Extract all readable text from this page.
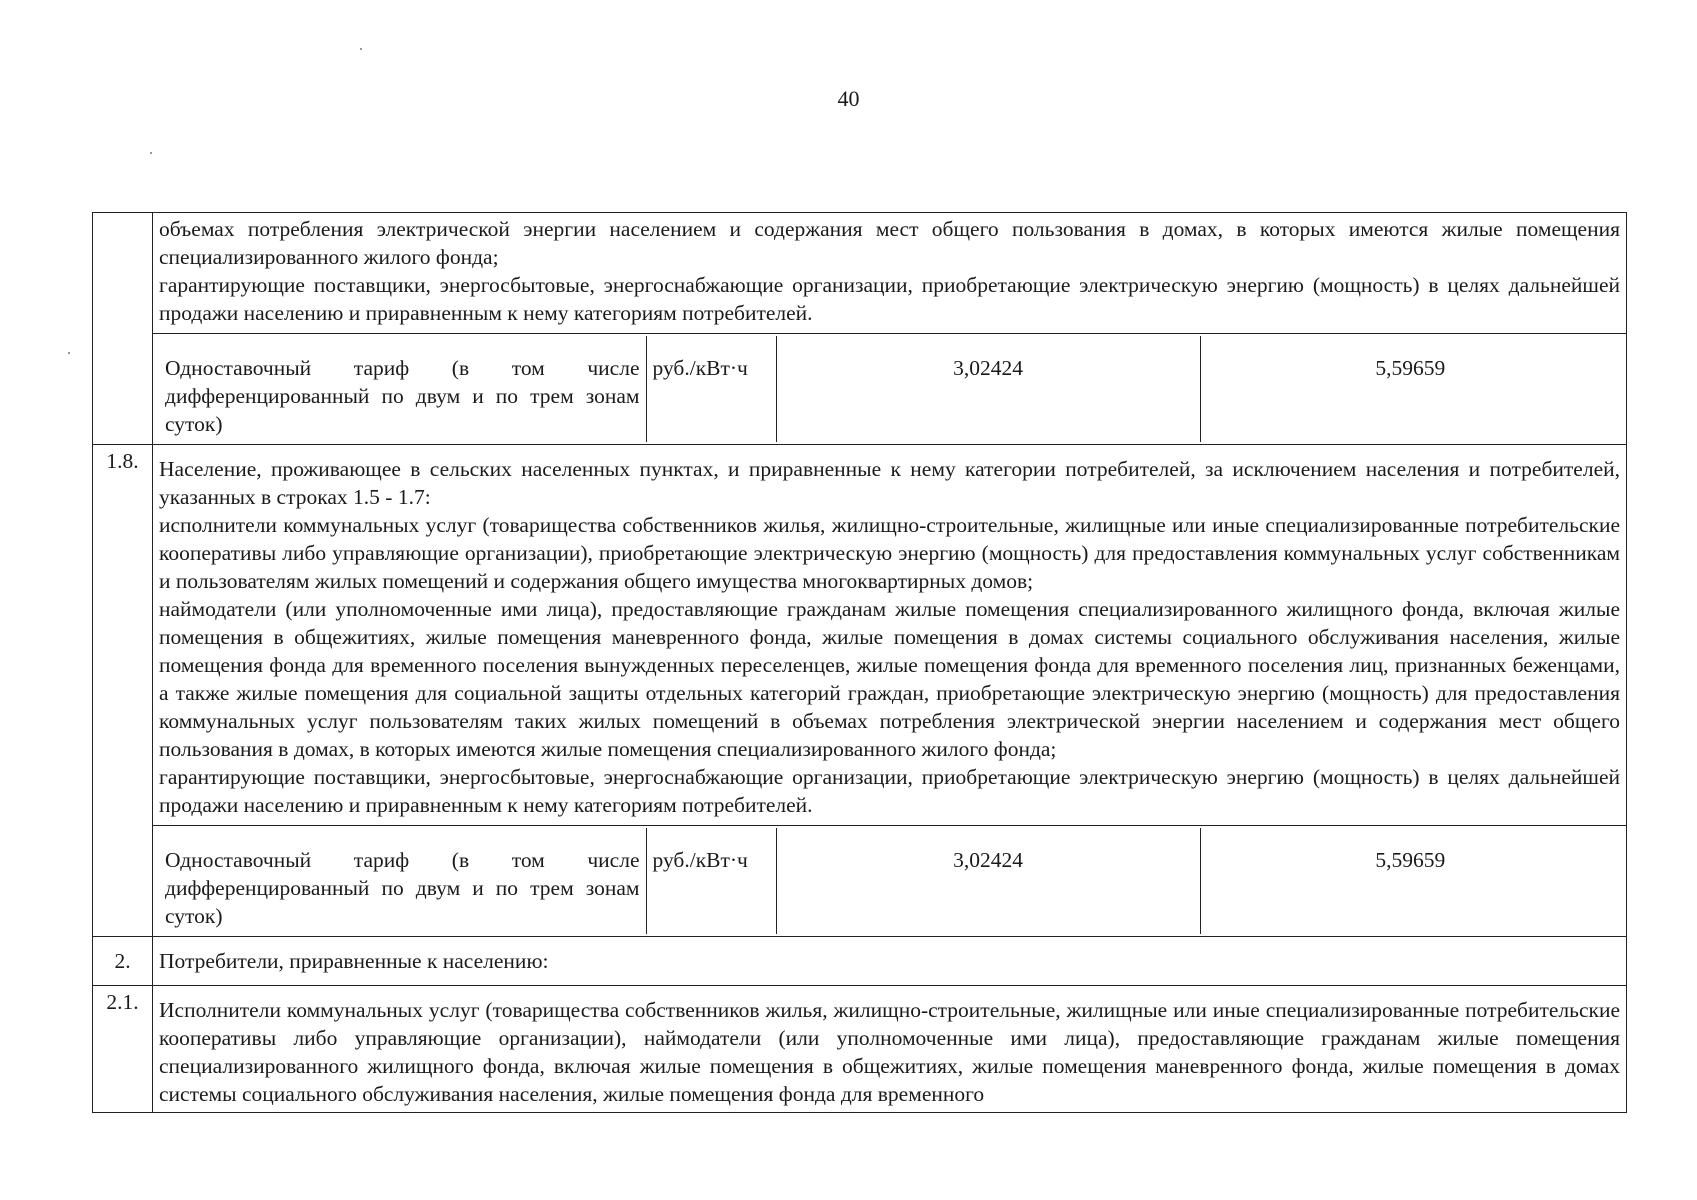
40

объемах потребления электрической энергии населением и содержания мест общего пользования в домах, в которых имеются жилые помещения специализированного жилого фонда;
гарантирующие поставщики, энергосбытовые, энергоснабжающие организации, приобретающие электрическую энергию (мощность) в целях дальнейшей продажи населению и приравненным к нему категориям потребителей.

Одноставочный тариф (в том числе дифференцированный по двум и по трем зонам суток)	руб./кВт·ч	3,02424	5,59659

1.8.	Население, проживающее в сельских населенных пунктах, и приравненные к нему категории потребителей, за исключением населения и потребителей, указанных в строках 1.5 - 1.7:
исполнители коммунальных услуг (товарищества собственников жилья, жилищно-строительные, жилищные или иные специализированные потребительские кооперативы либо управляющие организации), приобретающие электрическую энергию (мощность) для предоставления коммунальных услуг собственникам и пользователям жилых помещений и содержания общего имущества многоквартирных домов;
наймодатели (или уполномоченные ими лица), предоставляющие гражданам жилые помещения специализированного жилищного фонда, включая жилые помещения в общежитиях, жилые помещения маневренного фонда, жилые помещения в домах системы социального обслуживания населения, жилые помещения фонда для временного поселения вынужденных переселенцев, жилые помещения фонда для временного поселения лиц, признанных беженцами, а также жилые помещения для социальной защиты отдельных категорий граждан, приобретающие электрическую энергию (мощность) для предоставления коммунальных услуг пользователям таких жилых помещений в объемах потребления электрической энергии населением и содержания мест общего пользования в домах, в которых имеются жилые помещения специализированного жилого фонда;
гарантирующие поставщики, энергосбытовые, энергоснабжающие организации, приобретающие электрическую энергию (мощность) в целях дальнейшей продажи населению и приравненным к нему категориям потребителей.

Одноставочный тариф (в том числе дифференцированный по двум и по трем зонам суток)	руб./кВт·ч	3,02424	5,59659

2.	Потребители, приравненные к населению:
2.1.	Исполнители коммунальных услуг (товарищества собственников жилья, жилищно-строительные, жилищные или иные специализированные потребительские кооперативы либо управляющие организации), наймодатели (или уполномоченные ими лица), предоставляющие гражданам жилые помещения специализированного жилищного фонда, включая жилые помещения в общежитиях, жилые помещения маневренного фонда, жилые помещения в домах системы социального обслуживания населения, жилые помещения фонда для временного
